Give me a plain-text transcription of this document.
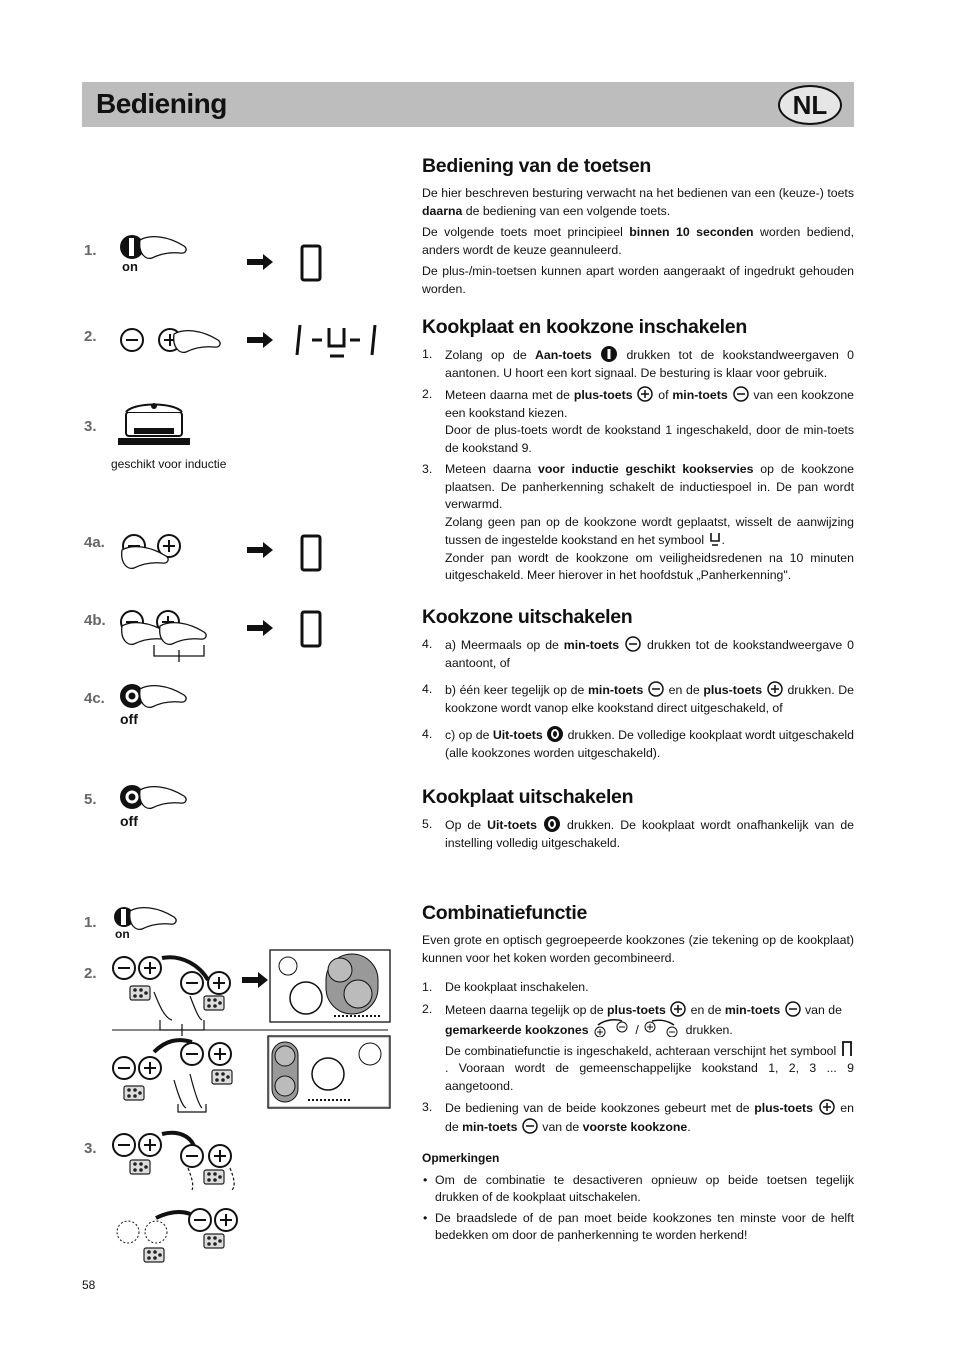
Bediening	NL
1.
2.
3.
4a.
4b.
4c.
5.
1.
2.
3.
on
off
off
on
geschikt voor inductie
Bediening van de toetsen

De hier beschreven besturing verwacht na het bedienen van een (keuze-) toets daarna de bediening van een volgende toets.

De volgende toets moet principieel binnen 10 seconden worden bediend, anders wordt de keuze geannuleerd.

De plus-/min-toetsen kunnen apart worden aangeraakt of ingedrukt gehouden worden.

Kookplaat en kookzone inschakelen
1. Zolang op de Aan-toets  drukken tot de kookstandweergaven 0 aantonen. U hoort een kort signaal. De besturing is klaar voor gebruik.
2. Meteen daarna met de plus-toets  of min-toets  van een kookzone een kookstand kiezen.
Door de plus-toets wordt de kookstand 1 ingeschakeld, door de min-toets de kookstand 9.
3. Meteen daarna voor inductie geschikt kookservies op de kookzone plaatsen. De panherkenning schakelt de inductiespoel in. De pan wordt verwarmd.
Zolang geen pan op de kookzone wordt geplaatst, wisselt de aanwijzing tussen de ingestelde kookstand en het symbool .
Zonder pan wordt de kookzone om veiligheidsredenen na 10 minuten uitgeschakeld. Meer hierover in het hoofdstuk „Panherkenning".
Kookzone uitschakelen
4. a) Meermaals op de min-toets  drukken tot de kookstandweergave 0 aantoont, of
4. b) één keer tegelijk op de min-toets  en de plus-toets  drukken. De kookzone wordt vanop elke kookstand direct uitgeschakeld, of
4. c) op de Uit-toets  drukken. De volledige kookplaat wordt uitgeschakeld (alle kookzones worden uitgeschakeld).
Kookplaat uitschakelen
5. Op de Uit-toets  drukken. De kookplaat wordt onafhankelijk van de instelling volledig uitgeschakeld.
Combinatiefunctie

Even grote en optisch gegroepeerde kookzones (zie tekening op de kookplaat) kunnen voor het koken worden gecombineerd.

1. De kookplaat inschakelen.
2. Meteen daarna tegelijk op de plus-toets  en de min-toets  van de
gemarkeerde kookzones	/	drukken.
De combinatiefunctie is ingeschakeld, achteraan verschijnt het symbool . Vooraan wordt de gemeenschappelijke kookstand 1, 2, 3 ... 9 aangetoond.
3. De bediening van de beide kookzones gebeurt met de plus-toets  en de min-toets  van de voorste kookzone.
Opmerkingen
• Om de combinatie te desactiveren opnieuw op beide toetsen tegelijk drukken of de kookplaat uitschakelen.
• De braadslede of de pan moet beide kookzones ten minste voor de helft bedekken om door de panherkenning te worden herkend!
58
